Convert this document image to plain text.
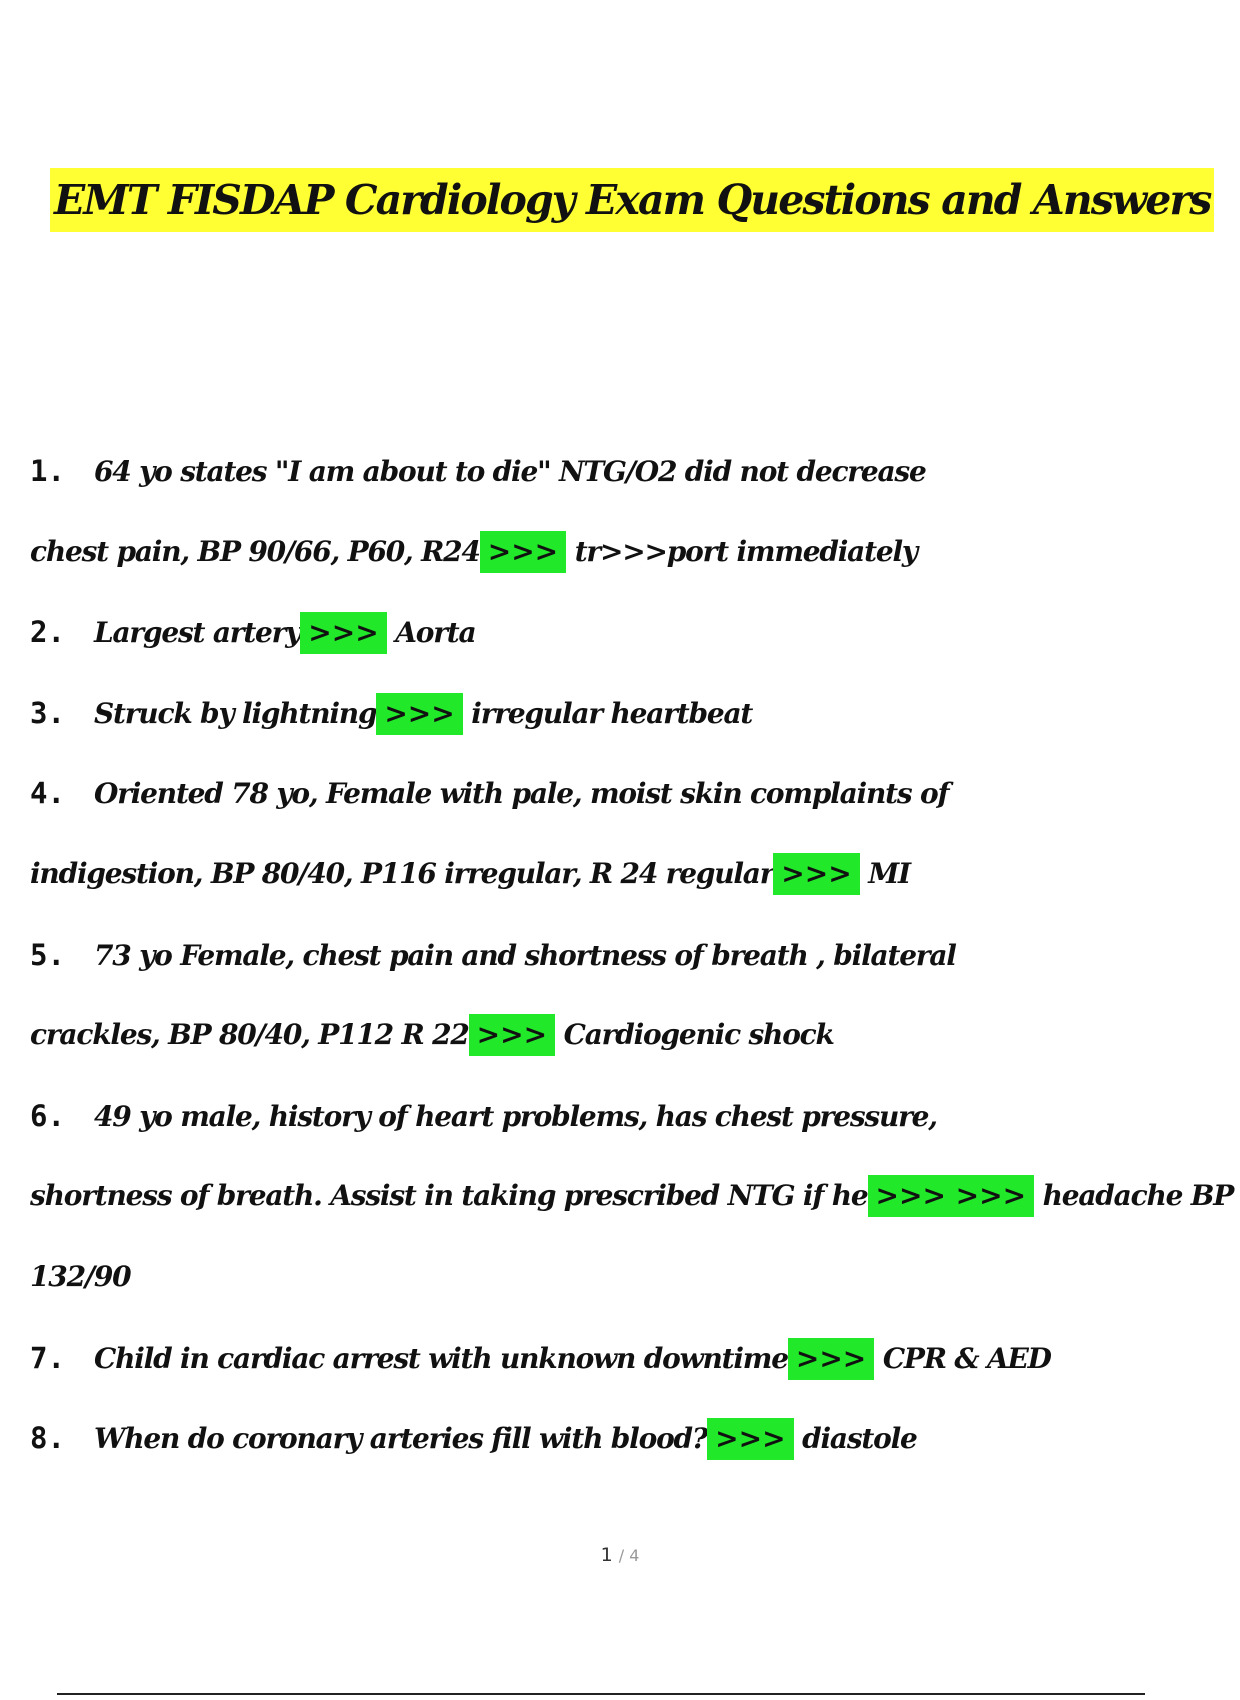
EMT FISDAP Cardiology Exam Questions and Answers
1. 64 yo states "I am about to die" NTG/O2 did not decrease
chest pain, BP 90/66, P60, R24 >>> tr>>>port immediately
2. Largest artery >>> Aorta
3. Struck by lightning >>> irregular heartbeat
4. Oriented 78 yo, Female with pale, moist skin complaints of
indigestion, BP 80/40, P116 irregular, R 24 regular >>> MI
5. 73 yo Female, chest pain and shortness of breath , bilateral
crackles, BP 80/40, P112 R 22 >>> Cardiogenic shock
6. 49 yo male, history of heart problems, has chest pressure,
shortness of breath. Assist in taking prescribed NTG if he >>> >>> headache BP
132/90
7. Child in cardiac arrest with unknown downtime >>> CPR & AED
8. When do coronary arteries fill with blood? >>> diastole
1 / 4
